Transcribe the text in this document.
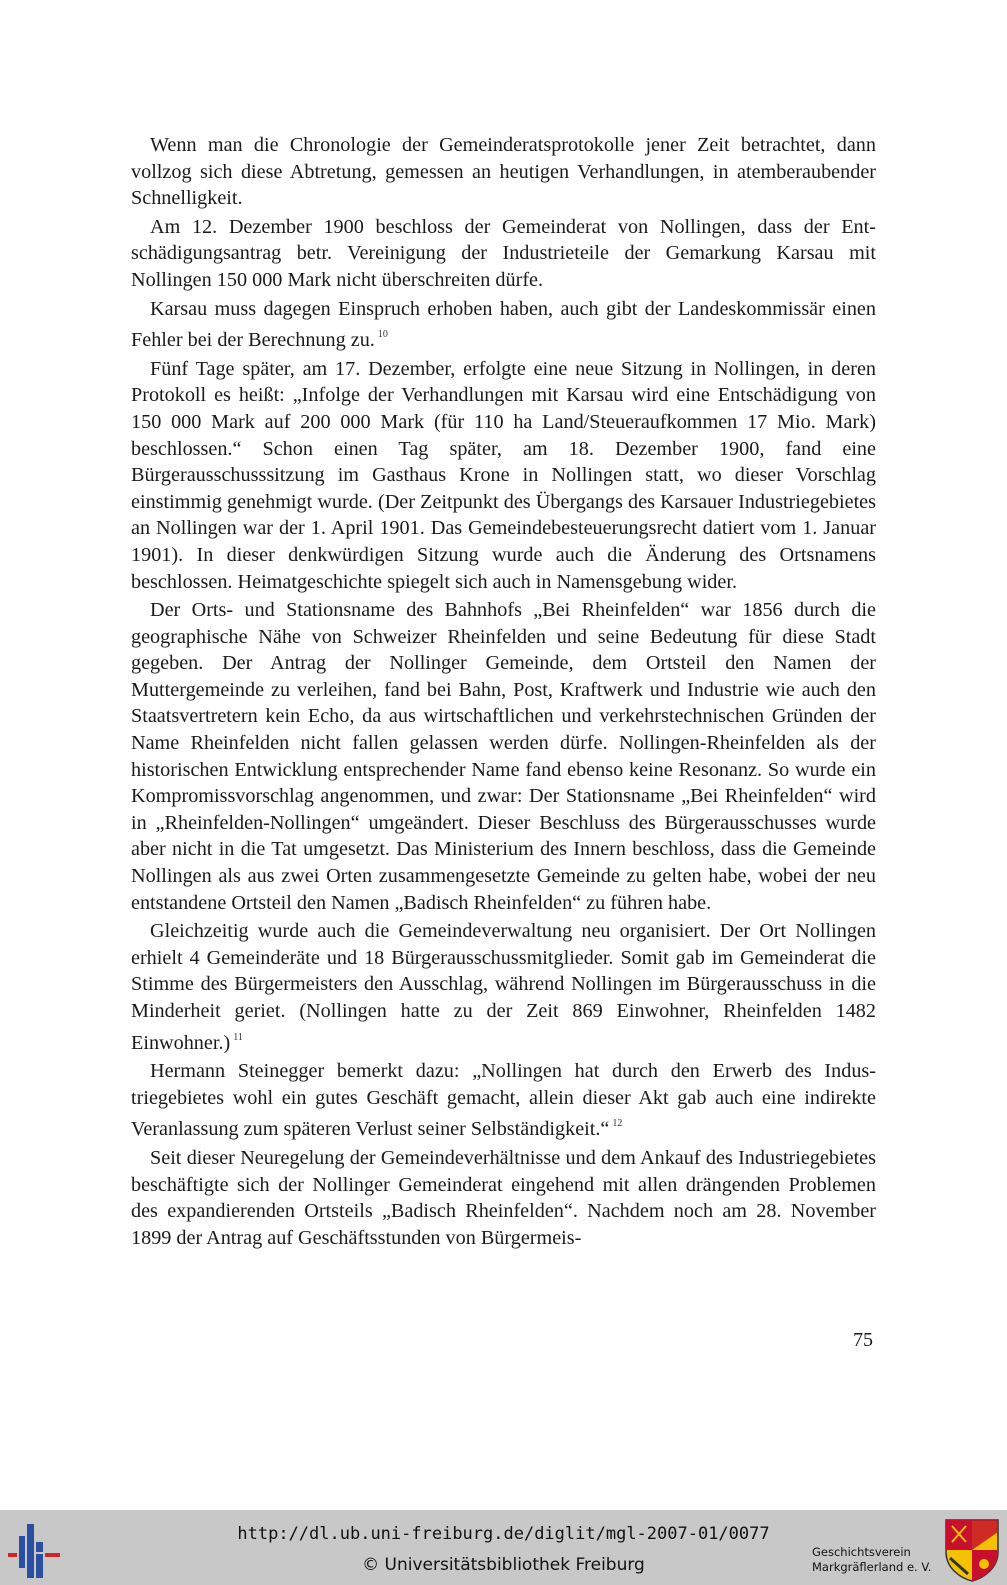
Wenn man die Chronologie der Gemeinderatsprotokolle jener Zeit betrachtet, dann vollzog sich diese Abtretung, gemessen an heutigen Verhandlungen, in atemberaubender Schnelligkeit.

Am 12. Dezember 1900 beschloss der Gemeinderat von Nollingen, dass der Entschädigungsantrag betr. Vereinigung der Industrieteile der Gemarkung Karsau mit Nollingen 150 000 Mark nicht überschreiten dürfe.

Karsau muss dagegen Einspruch erhoben haben, auch gibt der Landeskommissär einen Fehler bei der Berechnung zu. $^{10}$

Fünf Tage später, am 17. Dezember, erfolgte eine neue Sitzung in Nollingen, in deren Protokoll es heißt: „Infolge der Verhandlungen mit Karsau wird eine Entschädigung von 150 000 Mark auf 200 000 Mark (für 110 ha Land/Steueraufkommen 17 Mio. Mark) beschlossen.“ Schon einen Tag später, am 18. Dezember 1900, fand eine Bürgerausschusssitzung im Gasthaus Krone in Nollingen statt, wo dieser Vorschlag einstimmig genehmigt wurde. (Der Zeitpunkt des Übergangs des Karsauer Industriegebietes an Nollingen war der 1. April 1901. Das Gemeindebesteuerungsrecht datiert vom 1. Januar 1901). In dieser denkwürdigen Sitzung wurde auch die Änderung des Ortsnamens beschlossen. Heimatgeschichte spiegelt sich auch in Namensgebung wider.

Der Orts- und Stationsname des Bahnhofs „Bei Rheinfelden“ war 1856 durch die geographische Nähe von Schweizer Rheinfelden und seine Bedeutung für diese Stadt gegeben. Der Antrag der Nollinger Gemeinde, dem Ortsteil den Namen der Muttergemeinde zu verleihen, fand bei Bahn, Post, Kraftwerk und Industrie wie auch den Staatsvertretern kein Echo, da aus wirtschaftlichen und verkehrstechnischen Gründen der Name Rheinfelden nicht fallen gelassen werden dürfe. Nollingen-Rheinfelden als der historischen Entwicklung entsprechender Name fand ebenso keine Resonanz. So wurde ein Kompromissvorschlag angenommen, und zwar: Der Stationsname „Bei Rheinfelden“ wird in „Rheinfelden-Nollingen“ umgeändert. Dieser Beschluss des Bürgerausschusses wurde aber nicht in die Tat umgesetzt. Das Ministerium des Innern beschloss, dass die Gemeinde Nollingen als aus zwei Orten zusammengesetzte Gemeinde zu gelten habe, wobei der neu entstandene Ortsteil den Namen „Badisch Rheinfelden“ zu führen habe.

Gleichzeitig wurde auch die Gemeindeverwaltung neu organisiert. Der Ort Nollingen erhielt 4 Gemeinderäte und 18 Bürgerausschussmitglieder. Somit gab im Gemeinderat die Stimme des Bürgermeisters den Ausschlag, während Nollingen im Bürgerausschuss in die Minderheit geriet. (Nollingen hatte zu der Zeit 869 Einwohner, Rheinfelden 1482 Einwohner.) $^{11}$

Hermann Steinegger bemerkt dazu: „Nollingen hat durch den Erwerb des Industriegebietes wohl ein gutes Geschäft gemacht, allein dieser Akt gab auch eine indirekte Veranlassung zum späteren Verlust seiner Selbständigkeit.“ $^{12}$

Seit dieser Neuregelung der Gemeindeverhältnisse und dem Ankauf des Industriegebietes beschäftigte sich der Nollinger Gemeinderat eingehend mit allen drängenden Problemen des expandierenden Ortsteils „Badisch Rheinfelden“. Nachdem noch am 28. November 1899 der Antrag auf Geschäftsstunden von Bürgermeis-

75
http://dl.ub.uni-freiburg.de/diglit/mgl-2007-01/0077
© Universitätsbibliothek Freiburg
Geschichtsverein
Markgräflerland e. V.
